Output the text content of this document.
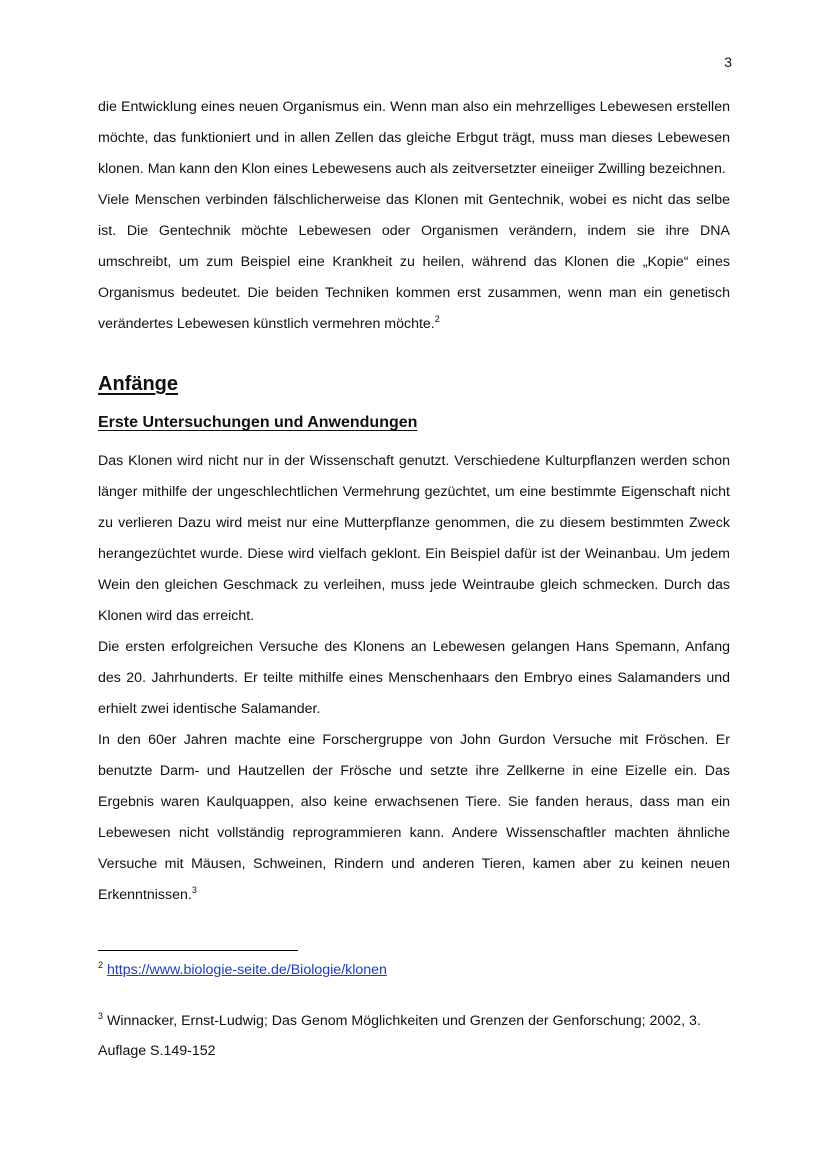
3

die Entwicklung eines neuen Organismus ein. Wenn man also ein mehrzelliges Lebewesen erstellen möchte, das funktioniert und in allen Zellen das gleiche Erbgut trägt, muss man dieses Lebewesen klonen. Man kann den Klon eines Lebewesens auch als zeitversetzter eineiiger Zwilling bezeichnen.

Viele Menschen verbinden fälschlicherweise das Klonen mit Gentechnik, wobei es nicht das selbe ist. Die Gentechnik möchte Lebewesen oder Organismen verändern, indem sie ihre DNA umschreibt, um zum Beispiel eine Krankheit zu heilen, während das Klonen die „Kopie“ eines Organismus bedeutet. Die beiden Techniken kommen erst zusammen, wenn man ein genetisch verändertes Lebewesen künstlich vermehren möchte.$^2$

Anfänge
Erste Untersuchungen und Anwendungen

Das Klonen wird nicht nur in der Wissenschaft genutzt. Verschiedene Kulturpflanzen werden schon länger mithilfe der ungeschlechtlichen Vermehrung gezüchtet, um eine bestimmte Eigenschaft nicht zu verlieren Dazu wird meist nur eine Mutterpflanze genommen, die zu diesem bestimmten Zweck herangezüchtet wurde. Diese wird vielfach geklont. Ein Beispiel dafür ist der Weinanbau. Um jedem Wein den gleichen Geschmack zu verleihen, muss jede Weintraube gleich schmecken. Durch das Klonen wird das erreicht.

Die ersten erfolgreichen Versuche des Klonens an Lebewesen gelangen Hans Spemann, Anfang des 20. Jahrhunderts. Er teilte mithilfe eines Menschenhaars den Embryo eines Salamanders und erhielt zwei identische Salamander.

In den 60er Jahren machte eine Forschergruppe von John Gurdon Versuche mit Fröschen. Er benutzte Darm- und Hautzellen der Frösche und setzte ihre Zellkerne in eine Eizelle ein. Das Ergebnis waren Kaulquappen, also keine erwachsenen Tiere. Sie fanden heraus, dass man ein Lebewesen nicht vollständig reprogrammieren kann. Andere Wissenschaftler machten ähnliche Versuche mit Mäusen, Schweinen, Rindern und anderen Tieren, kamen aber zu keinen neuen Erkenntnissen.$^3$

$^2$ https://www.biologie-seite.de/Biologie/klonen

$^3$ Winnacker, Ernst-Ludwig; Das Genom Möglichkeiten und Grenzen der Genforschung; 2002, 3. Auflage S.149-152
